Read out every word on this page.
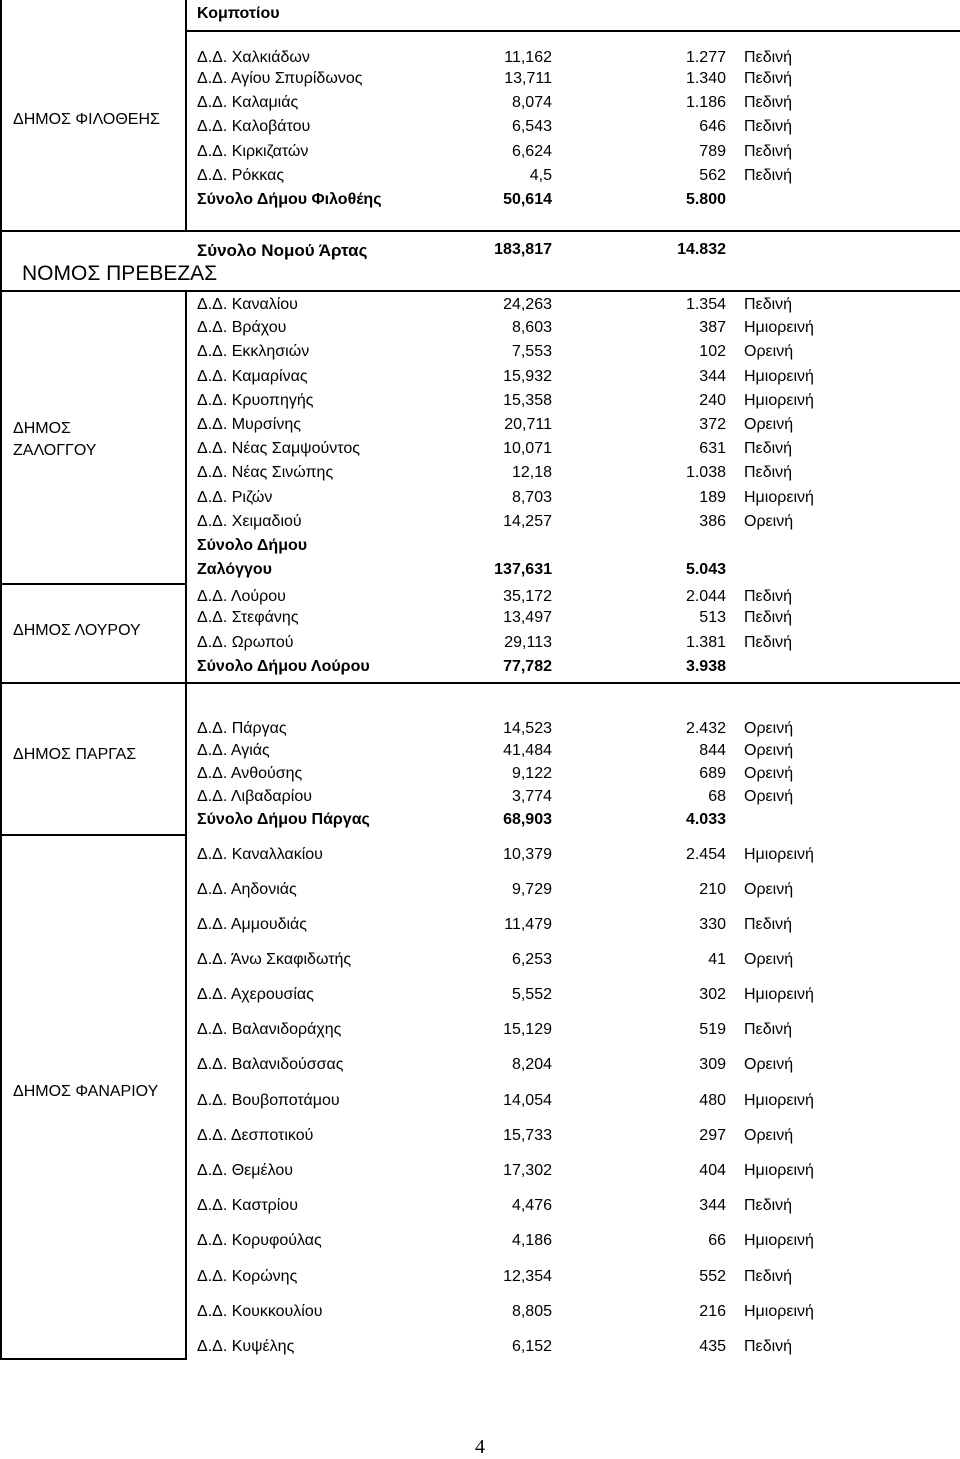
Κομποτίου
ΔΗΜΟΣ ΦΙΛΟΘΕΗΣ
ΝΟΜΟΣ ΠΡΕΒΕΖΑΣ
ΔΗΜΟΣ
ΖΑΛΟΓΓΟΥ
ΔΗΜΟΣ ΛΟΥΡΟΥ
ΔΗΜΟΣ ΠΑΡΓΑΣ
ΔΗΜΟΣ ΦΑΝΑΡΙΟΥ
Δ.Δ. Χαλκιάδων	11,162	1.277 Πεδινή
Δ.Δ. Αγίου Σπυρίδωνος	13,711	1.340 Πεδινή
Δ.Δ. Καλαμιάς	8,074	1.186 Πεδινή
Δ.Δ. Καλοβάτου	6,543	646 Πεδινή
Δ.Δ. Κιρκιζατών	6,624	789 Πεδινή
Δ.Δ. Ρόκκας	4,5	562 Πεδινή
Σύνολο Δήμου Φιλοθέης	50,614	5.800
Σύνολο Νομού Άρτας	183,817	14.832
Δ.Δ. Καναλίου	24,263	1.354 Πεδινή
Δ.Δ. Βράχου	8,603	387 Ημιορεινή
Δ.Δ. Εκκλησιών	7,553	102 Ορεινή
Δ.Δ. Καμαρίνας	15,932	344 Ημιορεινή
Δ.Δ. Κρυοπηγής	15,358	240 Ημιορεινή
Δ.Δ. Μυρσίνης	20,711	372 Ορεινή
Δ.Δ. Νέας Σαμψούντος	10,071	631 Πεδινή
Δ.Δ. Νέας Σινώπης	12,18	1.038 Πεδινή
Δ.Δ. Ριζών	8,703	189 Ημιορεινή
Δ.Δ. Χειμαδιού	14,257	386 Ορεινή
Σύνολο Δήμου
Ζαλόγγου	137,631	5.043
Δ.Δ. Λούρου	35,172	2.044 Πεδινή
Δ.Δ. Στεφάνης	13,497	513 Πεδινή
Δ.Δ. Ωρωπού	29,113	1.381 Πεδινή
Σύνολο Δήμου Λούρου	77,782	3.938
Δ.Δ. Πάργας	14,523	2.432 Ορεινή
Δ.Δ. Αγιάς	41,484	844 Ορεινή
Δ.Δ. Ανθούσης	9,122	689 Ορεινή
Δ.Δ. Λιβαδαρίου	3,774	68 Ορεινή
Σύνολο Δήμου Πάργας	68,903	4.033
Δ.Δ. Καναλλακίου	10,379	2.454 Ημιορεινή
Δ.Δ. Αηδονιάς	9,729	210 Ορεινή
Δ.Δ. Αμμουδιάς	11,479	330 Πεδινή
Δ.Δ. Άνω Σκαφιδωτής	6,253	41 Ορεινή
Δ.Δ. Αχερουσίας	5,552	302 Ημιορεινή
Δ.Δ. Βαλανιδοράχης	15,129	519 Πεδινή
Δ.Δ. Βαλανιδούσσας	8,204	309 Ορεινή
Δ.Δ. Βουβοποτάμου	14,054	480 Ημιορεινή
Δ.Δ. Δεσποτικού	15,733	297 Ορεινή
Δ.Δ. Θεμέλου	17,302	404 Ημιορεινή
Δ.Δ. Καστρίου	4,476	344 Πεδινή
Δ.Δ. Κορυφούλας	4,186	66 Ημιορεινή
Δ.Δ. Κορώνης	12,354	552 Πεδινή
Δ.Δ. Κουκκουλίου	8,805	216 Ημιορεινή
Δ.Δ. Κυψέλης	6,152	435 Πεδινή
4
